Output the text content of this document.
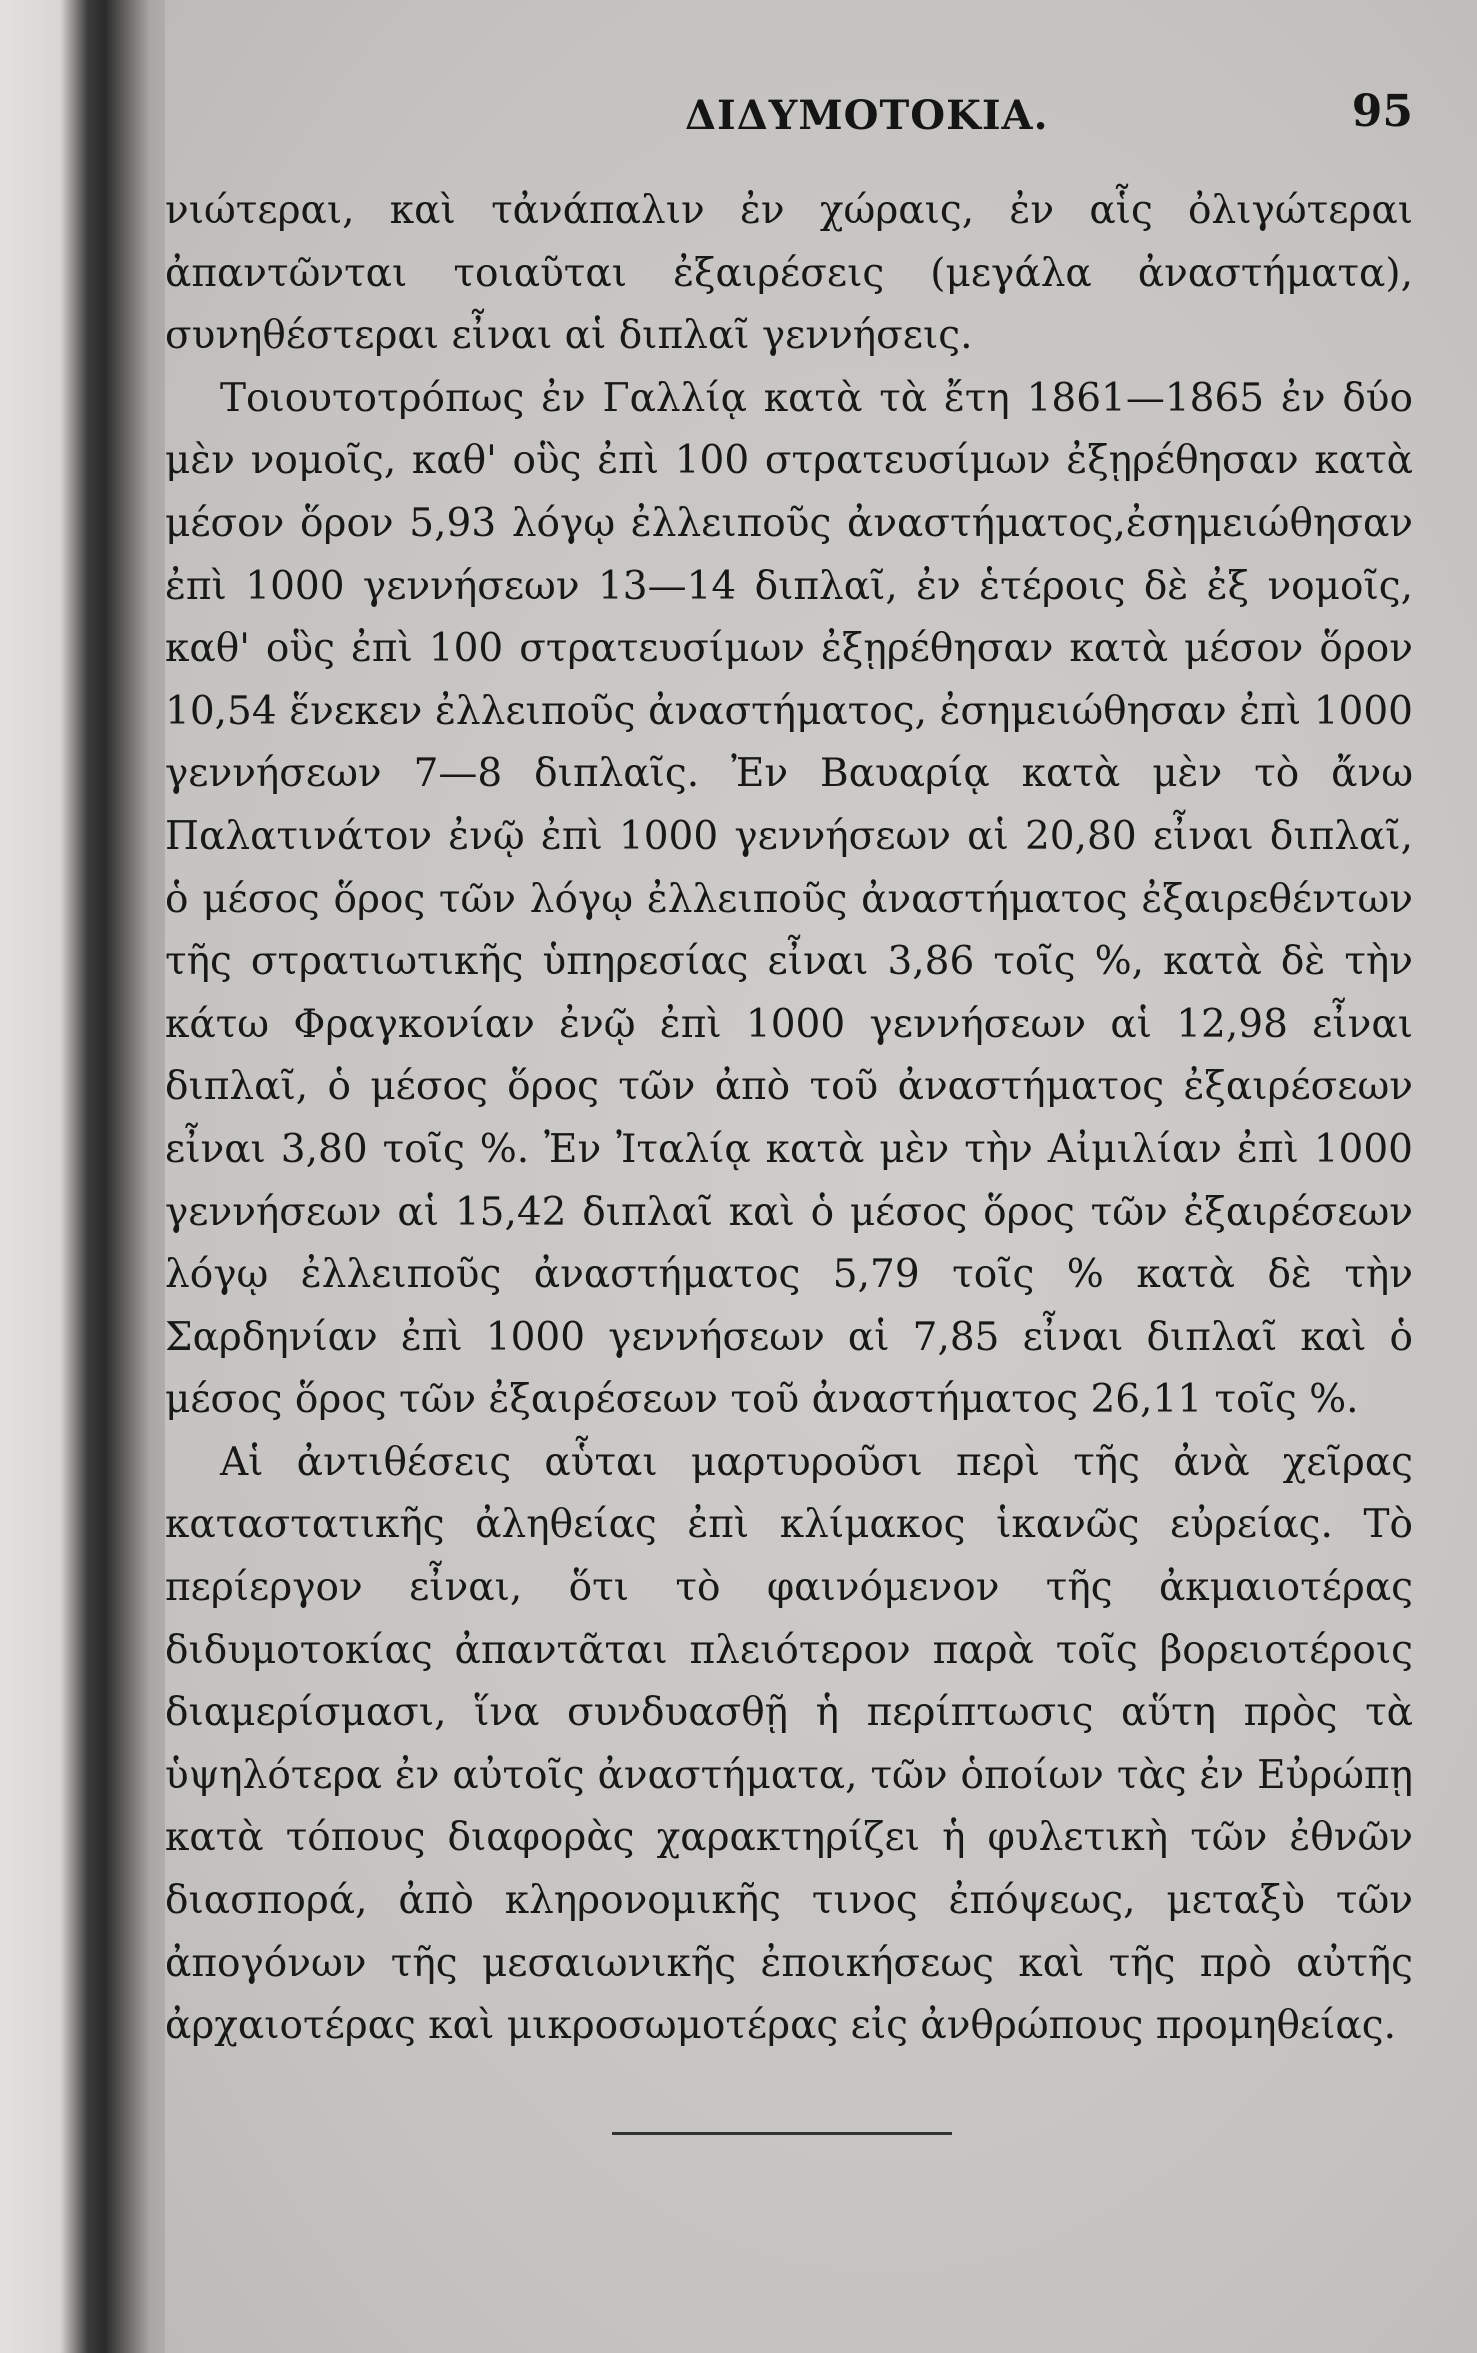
ΔΙΔΥΜΟΤΟΚΙΑ.	95

νιώτεραι, καὶ τἀνάπαλιν ἐν χώραις, ἐν αἷς ὀλιγώτεραι ἀπαντῶνται τοιαῦται ἐξαιρέσεις (μεγάλα ἀναστήματα), συνηθέστεραι εἶναι αἱ διπλαῖ γεννήσεις.

Τοιουτοτρόπως ἐν Γαλλίᾳ κατὰ τὰ ἔτη 1861—1865 ἐν δύο μὲν νομοῖς, καθ' οὓς ἐπὶ 100 στρατευσίμων ἐξῃρέθησαν κατὰ μέσον ὅρον 5,93 λόγῳ ἐλλειποῦς ἀναστήματος,ἐσημειώθησαν ἐπὶ 1000 γεννήσεων 13—14 διπλαῖ, ἐν ἑτέροις δὲ ἐξ νομοῖς, καθ' οὓς ἐπὶ 100 στρατευσίμων ἐξῃρέθησαν κατὰ μέσον ὅρον 10,54 ἕνεκεν ἐλλειποῦς ἀναστήματος, ἐσημειώθησαν ἐπὶ 1000 γεννήσεων 7—8 διπλαῖς. Ἐν Βαυαρίᾳ κατὰ μὲν τὸ ἄνω Παλατινάτον ἐνῷ ἐπὶ 1000 γεννήσεων αἱ 20,80 εἶναι διπλαῖ, ὁ μέσος ὅρος τῶν λόγῳ ἐλλειποῦς ἀναστήματος ἐξαιρεθέντων τῆς στρατιωτικῆς ὑπηρεσίας εἶναι 3,86 τοῖς %, κατὰ δὲ τὴν κάτω Φραγκονίαν ἐνῷ ἐπὶ 1000 γεννήσεων αἱ 12,98 εἶναι διπλαῖ, ὁ μέσος ὅρος τῶν ἀπὸ τοῦ ἀναστήματος ἐξαιρέσεων εἶναι 3,80 τοῖς %. Ἐν Ἰταλίᾳ κατὰ μὲν τὴν Αἰμιλίαν ἐπὶ 1000 γεννήσεων αἱ 15,42 διπλαῖ καὶ ὁ μέσος ὅρος τῶν ἐξαιρέσεων λόγῳ ἐλλειποῦς ἀναστήματος 5,79 τοῖς % κατὰ δὲ τὴν Σαρδηνίαν ἐπὶ 1000 γεννήσεων αἱ 7,85 εἶναι διπλαῖ καὶ ὁ μέσος ὅρος τῶν ἐξαιρέσεων τοῦ ἀναστήματος 26,11 τοῖς %.

Αἱ ἀντιθέσεις αὗται μαρτυροῦσι περὶ τῆς ἀνὰ χεῖρας καταστατικῆς ἀληθείας ἐπὶ κλίμακος ἱκανῶς εὐρείας. Τὸ περίεργον εἶναι, ὅτι τὸ φαινόμενον τῆς ἀκμαιοτέρας διδυμοτοκίας ἀπαντᾶται πλειότερον παρὰ τοῖς βορειοτέροις διαμερίσμασι, ἵνα συνδυασθῇ ἡ περίπτωσις αὕτη πρὸς τὰ ὑψηλότερα ἐν αὐτοῖς ἀναστήματα, τῶν ὁποίων τὰς ἐν Εὐρώπῃ κατὰ τόπους διαφορὰς χαρακτηρίζει ἡ φυλετικὴ τῶν ἐθνῶν διασπορά, ἀπὸ κληρονομικῆς τινος ἐπόψεως, μεταξὺ τῶν ἀπογόνων τῆς μεσαιωνικῆς ἐποικήσεως καὶ τῆς πρὸ αὐτῆς ἀρχαιοτέρας καὶ μικροσωμοτέρας εἰς ἀνθρώπους προμηθείας.
